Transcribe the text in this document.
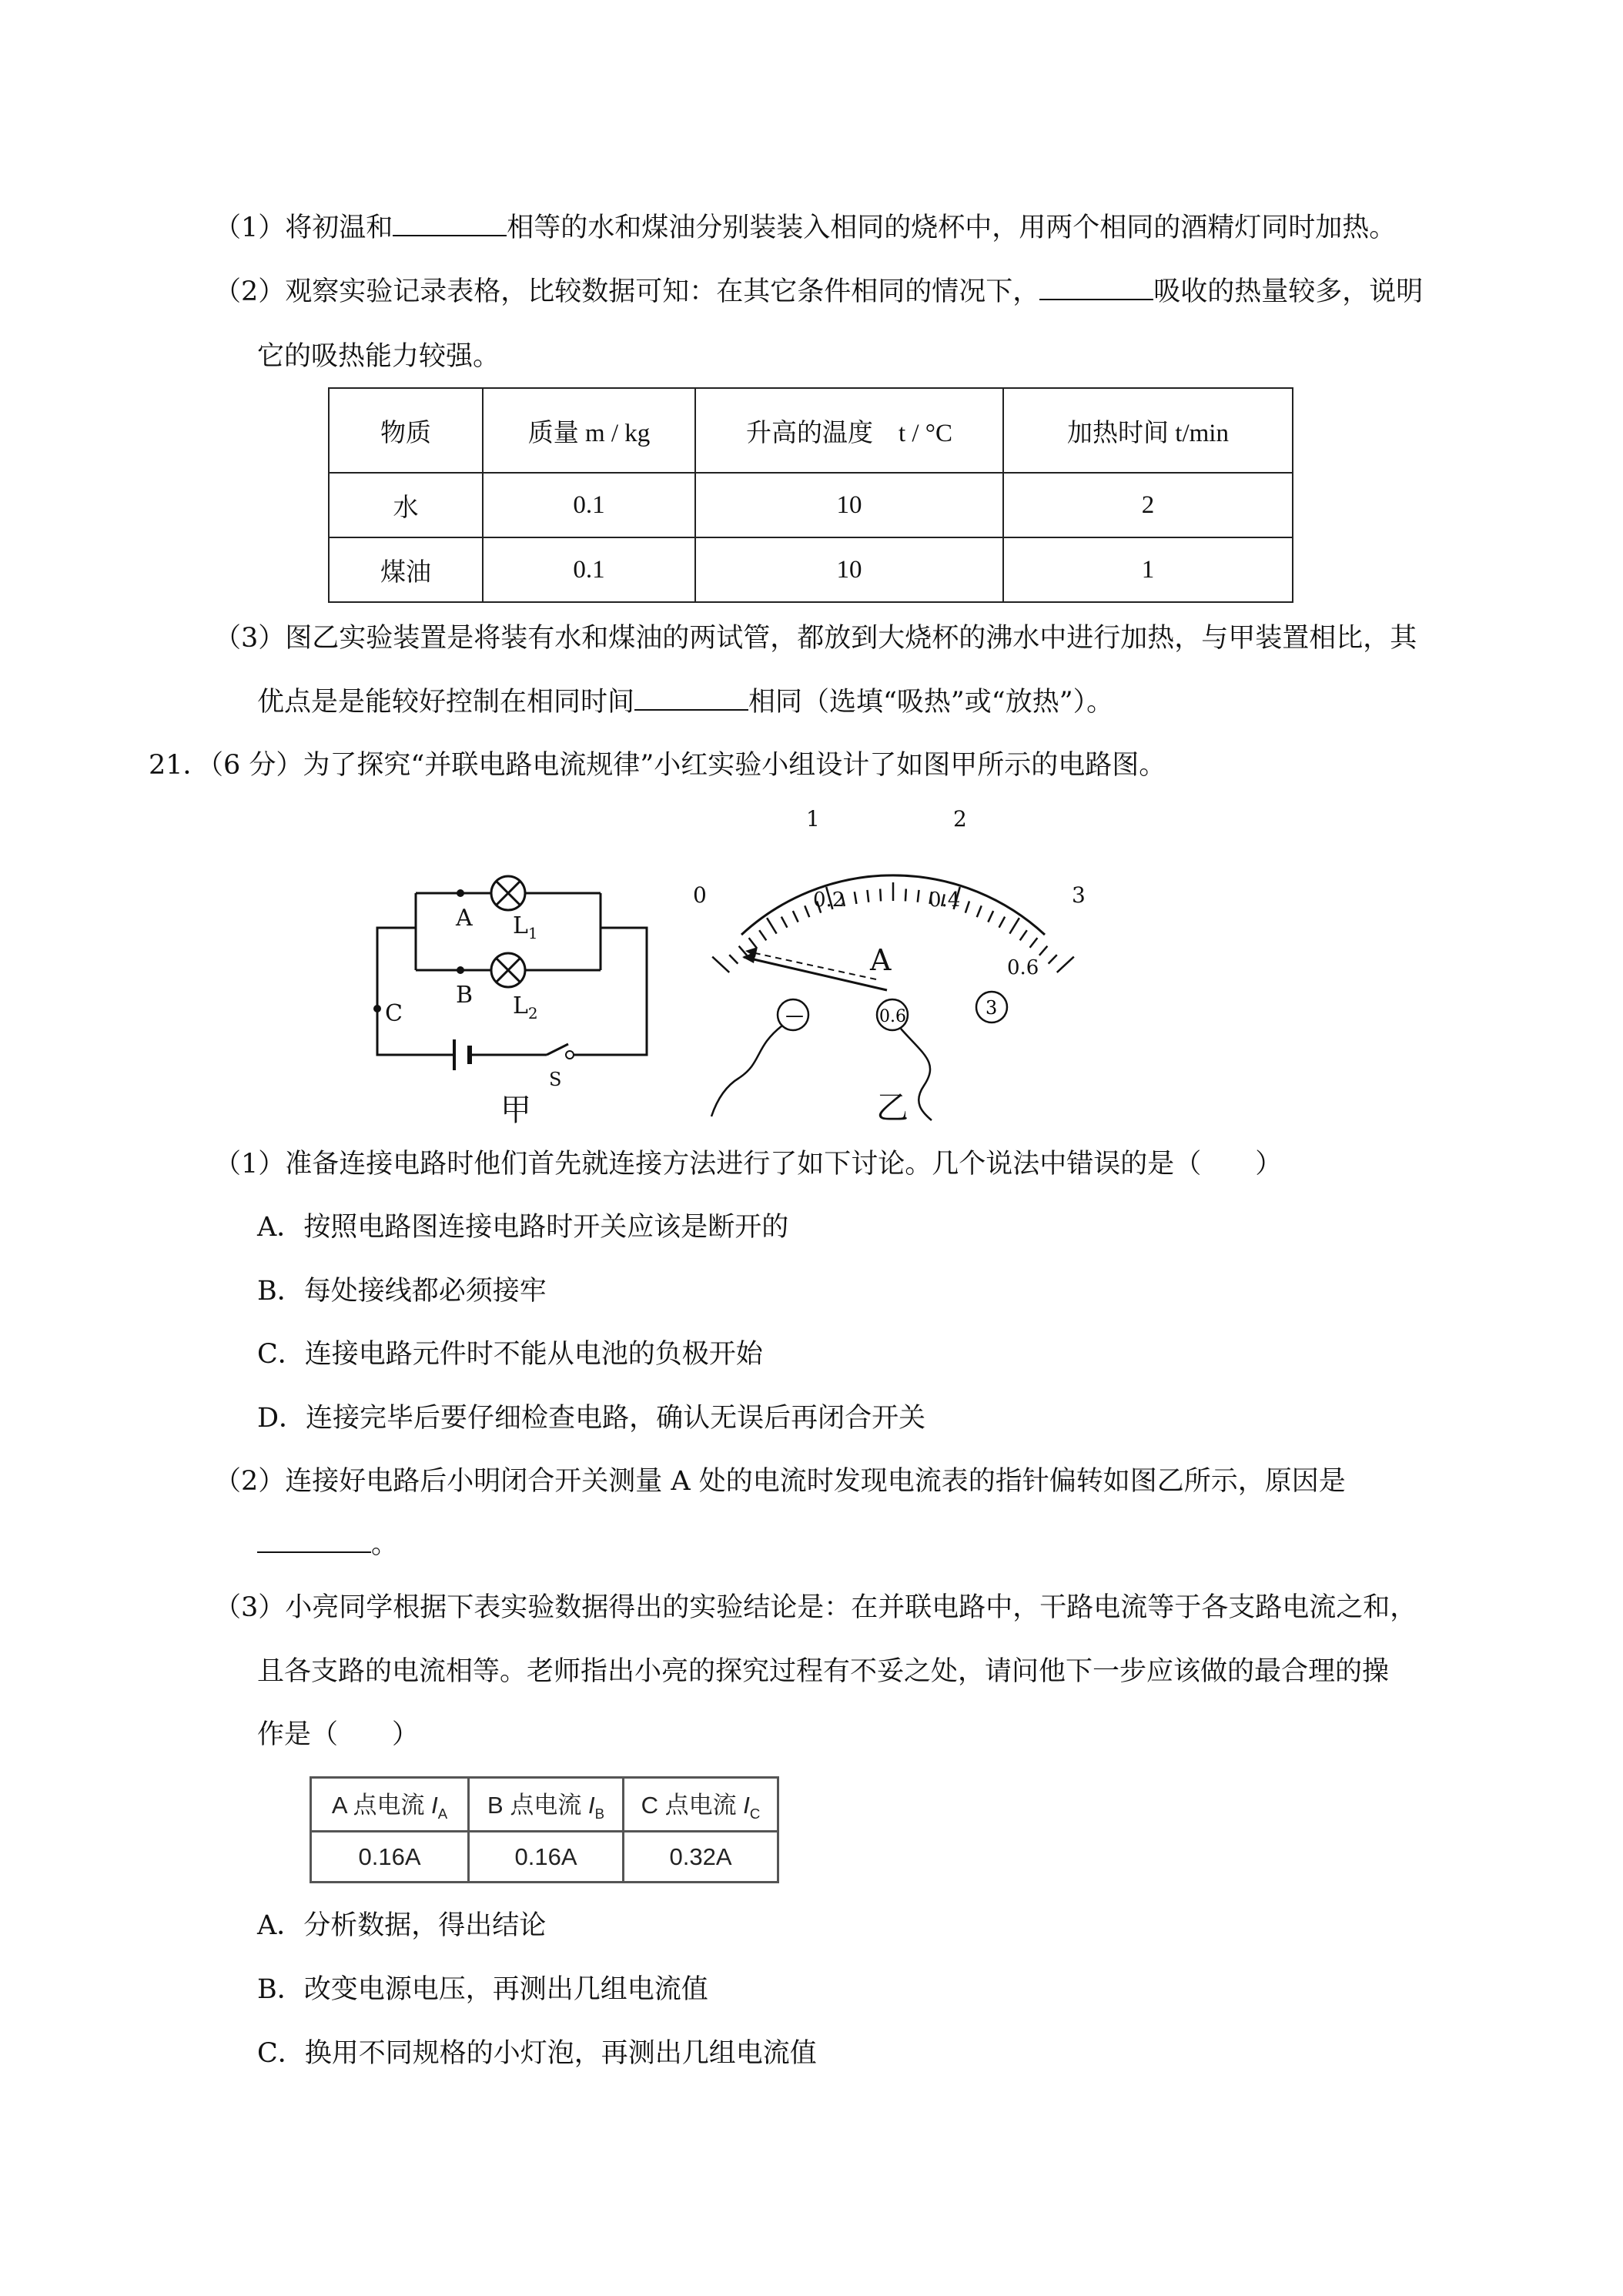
（1）将初温和	相等的水和煤油分别装装入相同的烧杯中，用两个相同的酒精灯同时加热。
（2）观察实验记录表格，比较数据可知：在其它条件相同的情况下，	吸收的热量较多，说明
它的吸热能力较强。
物质	质量 m / kg	升高的温度　t / °C	加热时间 t/min
水	0.1	10	2
煤油	0.1	10	1
（3）图乙实验装置是将装有水和煤油的两试管，都放到大烧杯的沸水中进行加热，与甲装置相比，其
优点是是能较好控制在相同时间	相同（选填“吸热”或“放热”）。
21．（6 分）为了探究“并联电路电流规律”小红实验小组设计了如图甲所示的电路图。
A
B
C
$L_1$
$L_2$
S
甲
0
1	2
3
0.2	0.4
0.6
A
乙
—	0.6	3
（1）准备连接电路时他们首先就连接方法进行了如下讨论。几个说法中错误的是（　　）
A．按照电路图连接电路时开关应该是断开的
B．每处接线都必须接牢
C．连接电路元件时不能从电池的负极开始
D．连接完毕后要仔细检查电路，确认无误后再闭合开关
（2）连接好电路后小明闭合开关测量 A 处的电流时发现电流表的指针偏转如图乙所示，原因是
。
（3）小亮同学根据下表实验数据得出的实验结论是：在并联电路中，干路电流等于各支路电流之和，
且各支路的电流相等。老师指出小亮的探究过程有不妥之处，请问他下一步应该做的最合理的操
作是（　　）
A 点电流 $I_A$	B 点电流 $I_B$	C 点电流 $I_C$
0.16A	0.16A	0.32A
A．分析数据，得出结论
B．改变电源电压，再测出几组电流值
C．换用不同规格的小灯泡，再测出几组电流值
